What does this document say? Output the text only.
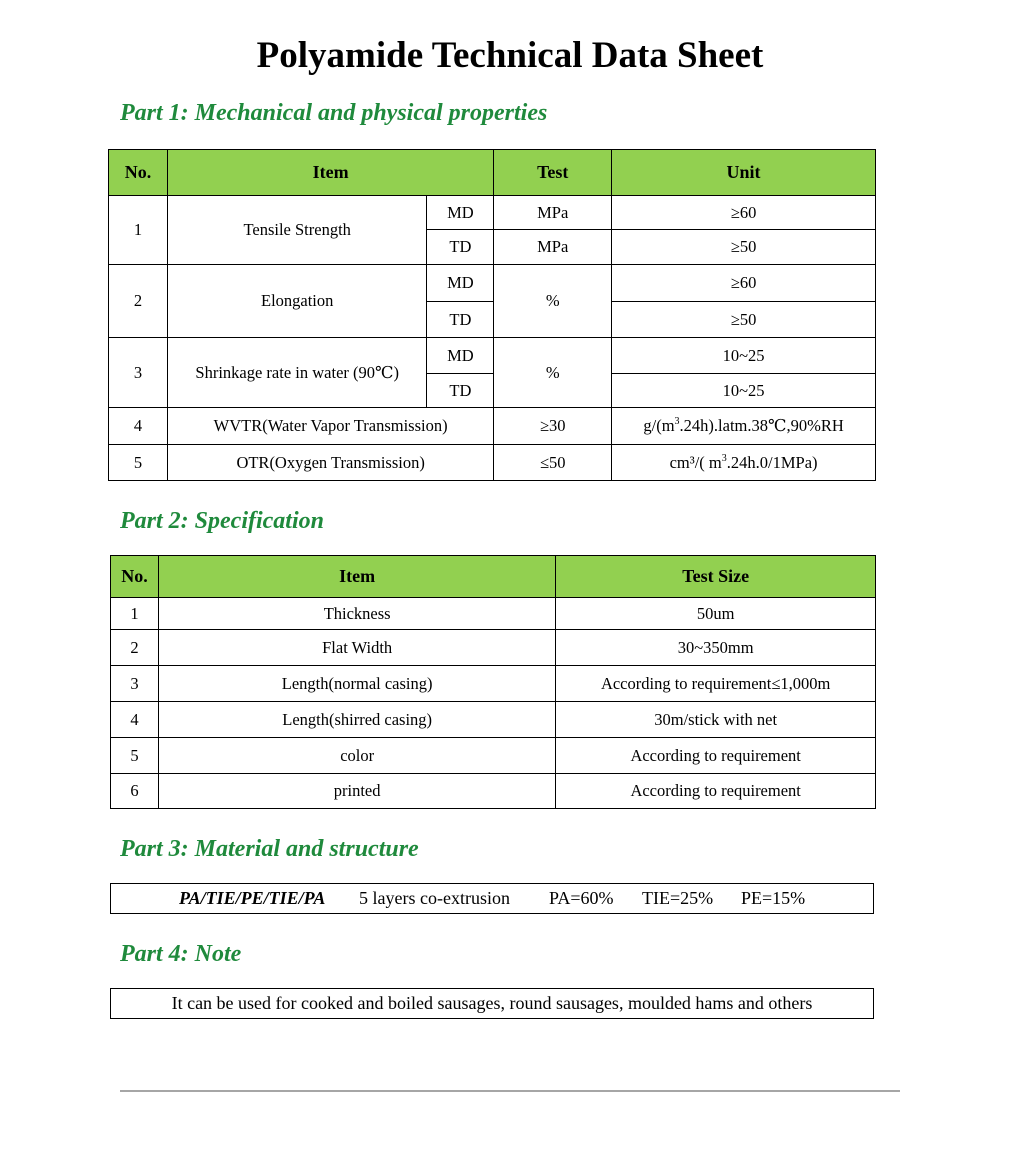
Polyamide Technical Data Sheet
Part 1: Mechanical and physical properties
No.	Item		Test	Unit
1	Tensile Strength	MD	MPa	≥60
		TD	MPa	≥50
2	Elongation	MD	%	≥60
		TD		≥50
3	Shrinkage rate in water (90℃)	MD	%	10~25
		TD		10~25
4	WVTR(Water Vapor Transmission)		≥30	$g/(m^3.24h).latm.38℃,90\%RH$
5	OTR(Oxygen Transmission)		≤50	cm³/( $m^3.24h.0/1MPa$)
Part 2: Specification
No.	Item	Test Size
1	Thickness	50um
2	Flat Width	30~350mm
3	Length(normal casing)	According to requirement≤1,000m
4	Length(shirred casing)	30m/stick with net
5	color	According to requirement
6	printed	According to requirement
Part 3: Material and structure
PA/TIE/PE/TIE/PA 5 layers co-extrusion PA=60% TIE=25% PE=15%
Part 4: Note
It can be used for cooked and boiled sausages, round sausages, moulded hams and others
